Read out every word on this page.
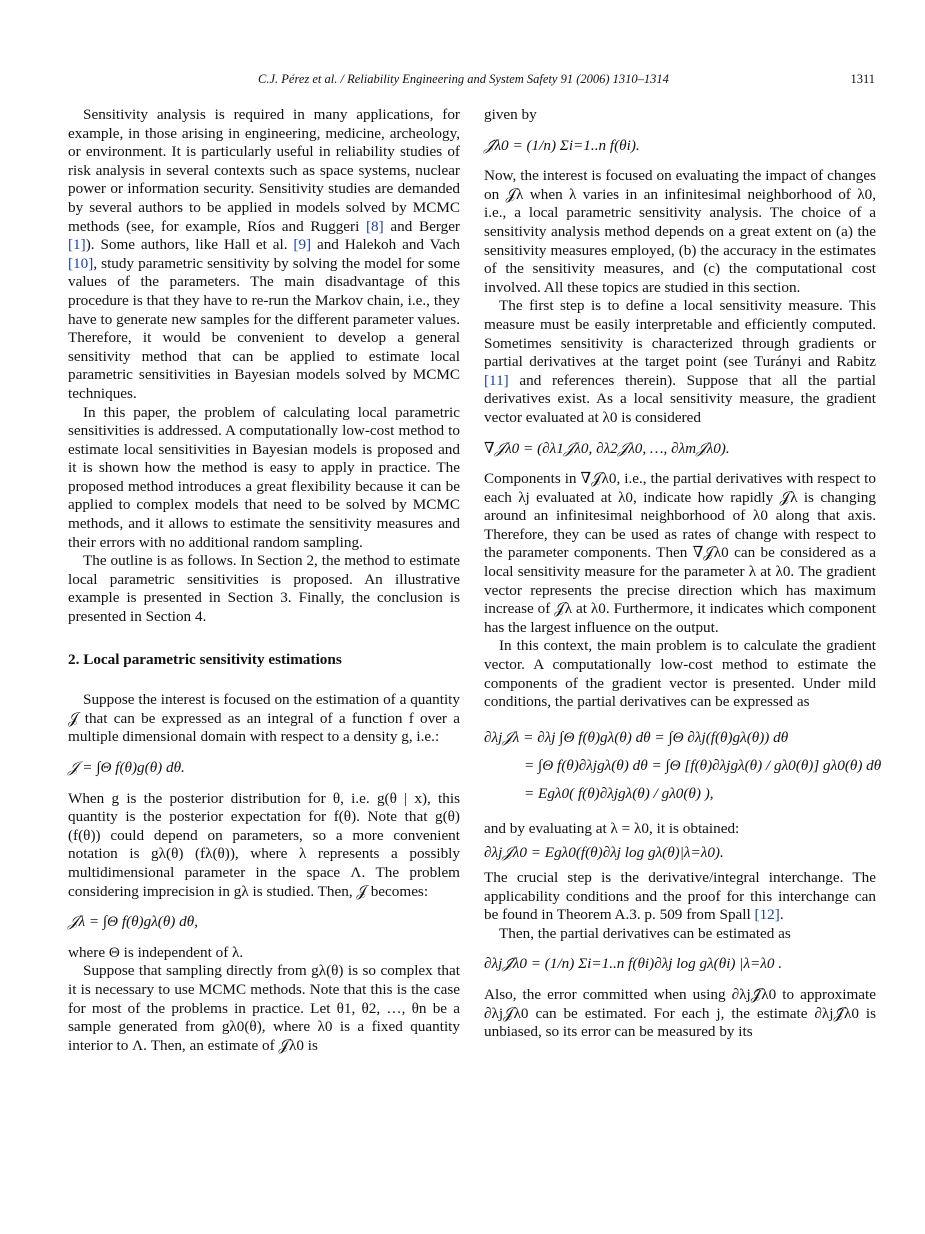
C.J. Pérez et al. / Reliability Engineering and System Safety 91 (2006) 1310–1314	1311

Sensitivity analysis is required in many applications, for example, in those arising in engineering, medicine, archeology, or environment. It is particularly useful in reliability studies of risk analysis in several contexts such as space systems, nuclear power or information security. Sensitivity studies are demanded by several authors to be applied in models solved by MCMC methods (see, for example, Ríos and Ruggeri [8] and Berger [1]). Some authors, like Hall et al. [9] and Halekoh and Vach [10], study parametric sensitivity by solving the model for some values of the parameters. The main disadvantage of this procedure is that they have to re-run the Markov chain, i.e., they have to generate new samples for the different parameter values. Therefore, it would be convenient to develop a general sensitivity method that can be applied to estimate local parametric sensitivities in Bayesian models solved by MCMC techniques.

In this paper, the problem of calculating local parametric sensitivities is addressed. A computationally low-cost method to estimate local sensitivities in Bayesian models is proposed and it is shown how the method is easy to apply in practice. The proposed method introduces a great flexibility because it can be applied to complex models that need to be solved by MCMC methods, and it allows to estimate the sensitivity measures and their errors with no additional random sampling.

The outline is as follows. In Section 2, the method to estimate local parametric sensitivities is proposed. An illustrative example is presented in Section 3. Finally, the conclusion is presented in Section 4.

2. Local parametric sensitivity estimations

Suppose the interest is focused on the estimation of a quantity 𝒥 that can be expressed as an integral of a function f over a multiple dimensional domain with respect to a density g, i.e.:

𝒥 = ∫Θ f(θ)g(θ) dθ.

When g is the posterior distribution for θ, i.e. g(θ | x), this quantity is the posterior expectation for f(θ). Note that g(θ) (f(θ)) could depend on parameters, so a more convenient notation is gλ(θ) (fλ(θ)), where λ represents a possibly multidimensional parameter in the space Λ. The problem considering imprecision in gλ is studied. Then, 𝒥 becomes:

𝒥λ = ∫Θ f(θ)gλ(θ) dθ,

where Θ is independent of λ.

Suppose that sampling directly from gλ(θ) is so complex that it is necessary to use MCMC methods. Note that this is the case for most of the problems in practice. Let θ1, θ2, …, θn be a sample generated from gλ0(θ), where λ0 is a fixed quantity interior to Λ. Then, an estimate of 𝒥λ0 is

given by

𝒥̂λ0 = (1/n) Σi=1..n f(θi).

Now, the interest is focused on evaluating the impact of changes on 𝒥λ when λ varies in an infinitesimal neighborhood of λ0, i.e., a local parametric sensitivity analysis. The choice of a sensitivity analysis method depends on a great extent on (a) the sensitivity measures employed, (b) the accuracy in the estimates of the sensitivity measures, and (c) the computational cost involved. All these topics are studied in this section.

The first step is to define a local sensitivity measure. This measure must be easily interpretable and efficiently computed. Sometimes sensitivity is characterized through gradients or partial derivatives at the target point (see Turányi and Rabitz [11] and references therein). Suppose that all the partial derivatives exist. As a local sensitivity measure, the gradient vector evaluated at λ0 is considered

∇𝒥λ0 = (∂λ1𝒥λ0, ∂λ2𝒥λ0, …, ∂λm𝒥λ0).

Components in ∇𝒥λ0, i.e., the partial derivatives with respect to each λj evaluated at λ0, indicate how rapidly 𝒥λ is changing around an infinitesimal neighborhood of λ0 along that axis. Therefore, they can be used as rates of change with respect to the parameter components. Then ∇𝒥λ0 can be considered as a local sensitivity measure for the parameter λ at λ0. The gradient vector represents the precise direction which has maximum increase of 𝒥λ at λ0. Furthermore, it indicates which component has the largest influence on the output.

In this context, the main problem is to calculate the gradient vector. A computationally low-cost method to estimate the components of the gradient vector is presented. Under mild conditions, the partial derivatives can be expressed as

∂λj𝒥λ = ∂λj ∫Θ f(θ)gλ(θ) dθ = ∫Θ ∂λj(f(θ)gλ(θ)) dθ
= ∫Θ f(θ)∂λjgλ(θ) dθ = ∫Θ [f(θ)∂λjgλ(θ) / gλ0(θ)] gλ0(θ) dθ
= Egλ0( f(θ)∂λjgλ(θ) / gλ0(θ) ),

and by evaluating at λ = λ0, it is obtained:

∂λj𝒥λ0 = Egλ0(f(θ)∂λj log gλ(θ)|λ=λ0).

The crucial step is the derivative/integral interchange. The applicability conditions and the proof for this interchange can be found in Theorem A.3. p. 509 from Spall [12].

Then, the partial derivatives can be estimated as

∂λj𝒥̂λ0 = (1/n) Σi=1..n f(θi)∂λj log gλ(θi) |λ=λ0 .

Also, the error committed when using ∂λj𝒥̂λ0 to approximate ∂λj𝒥λ0 can be estimated. For each j, the estimate ∂λj𝒥̂λ0 is unbiased, so its error can be measured by its
